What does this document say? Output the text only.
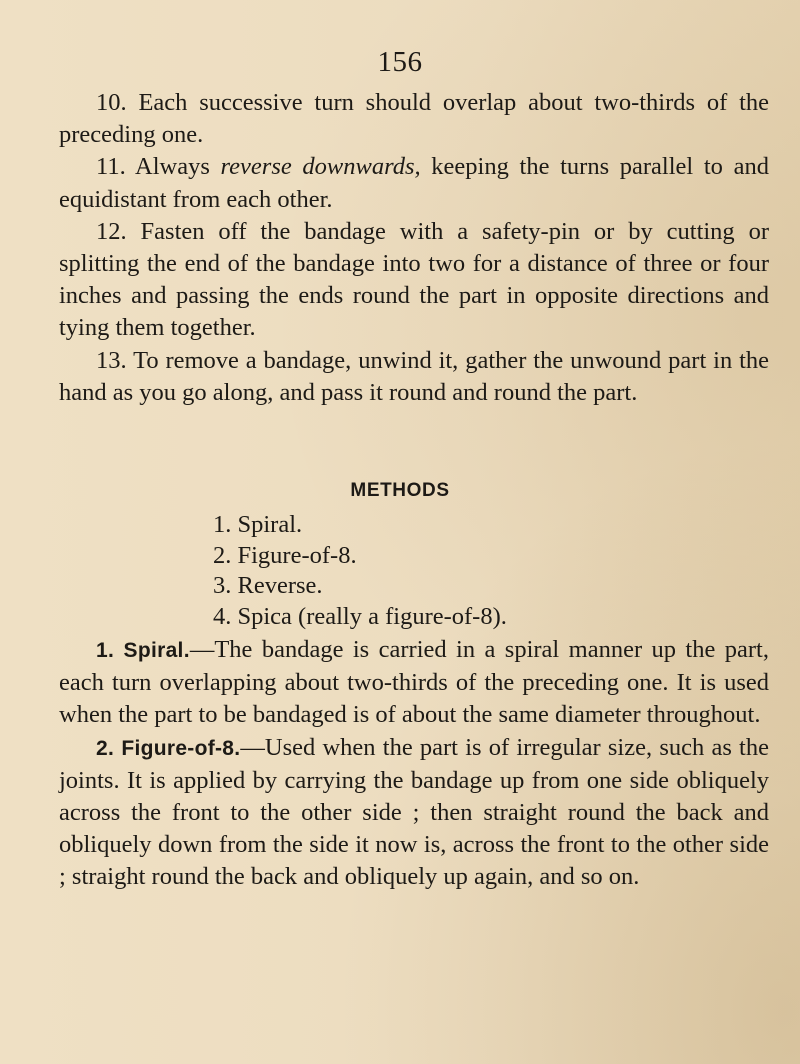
156

10. Each successive turn should overlap about two-thirds of the preceding one.

11. Always reverse downwards, keeping the turns parallel to and equidistant from each other.

12. Fasten off the bandage with a safety-pin or by cutting or splitting the end of the bandage into two for a distance of three or four inches and passing the ends round the part in opposite directions and tying them together.

13. To remove a bandage, unwind it, gather the unwound part in the hand as you go along, and pass it round and round the part.

METHODS
1. Spiral.
2. Figure-of-8.
3. Reverse.
4. Spica (really a figure-of-8).

1. Spiral.—The bandage is carried in a spiral manner up the part, each turn overlapping about two-thirds of the preceding one. It is used when the part to be bandaged is of about the same diameter throughout.

2. Figure-of-8.—Used when the part is of irregular size, such as the joints. It is applied by carrying the bandage up from one side obliquely across the front to the other side ; then straight round the back and obliquely down from the side it now is, across the front to the other side ; straight round the back and obliquely up again, and so on.
